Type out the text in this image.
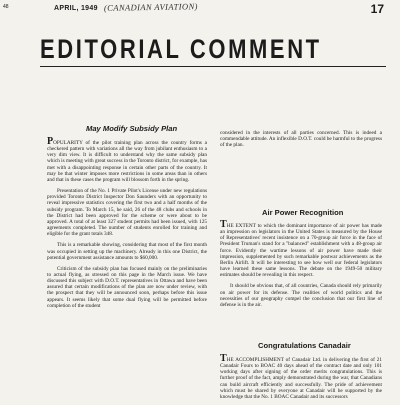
48	APRIL, 1949 (CANADIAN AVIATION)	17
EDITORIAL COMMENT
May Modify Subsidy Plan

POPULARITY of the pilot training plan across the country forms a checkered pattern with variations all the way from jubilant enthusiasm to a very dim view. It is difficult to understand why the same subsidy plan which is meeting with great success in the Toronto district, for example, has met with a disappointing response in certain other parts of the country. It may be that winter imposes more restrictions in some areas than in others and that in these cases the program will blossom forth in the spring.

Presentation of the No. 1 Private Pilot's License under new regulations provided Toronto District Inspector Don Saunders with an opportunity to reveal impressive statistics covering the first two and a half months of the subsidy program. To March 15, he said, 26 of the 48 clubs and schools in the District had been approved for the scheme or were about to be approved. A total of at least 327 student permits had been issued, with 125 agreements completed. The number of students enrolled for training and eligible for the grant totals 348.

This is a remarkable showing, considering that most of the first month was occupied in setting up the machinery. Already in this one District, the potential government assistance amounts to $60,000.

Criticism of the subsidy plan has focused mainly on the preliminaries to actual flying, as stressed on this page in the March issue. We have discussed this subject with D.O.T. representatives in Ottawa and have been assured that certain modifications of the plan are now under review, with the prospect that they will be announced soon, perhaps before this issue appears. It seems likely that some dual flying will be permitted before completion of the student

considered in the interests of all parties concerned. This is indeed a commendable attitude. An inflexible D.O.T. could be harmful to the progress of the plan.

Air Power Recognition

THE EXTENT to which the dominant importance of air power has made an impression on legislators in the United States is measured by the House of Representatives' recent insistence on a 70-group air force in the face of President Truman's stand for a "balanced" establishment with a 48-group air force. Evidently the wartime lessons of air power have made their impression, supplemented by such remarkable postwar achievements as the Berlin Airlift. It will be interesting to see how well our federal legislators have learned these same lessons. The debate on the 1949-50 military estimates should be revealing in this respect.

It should be obvious that, of all countries, Canada should rely primarily on air power for its defense. The realities of world politics and the necessities of our geography compel the conclusion that our first line of defense is in the air.

Congratulations Canadair

THE ACCOMPLISHMENT of Canadair Ltd. in delivering the first of 21 Canadair Fours to BOAC 40 days ahead of the contract date and only 101 working days after signing of the order merits congratulations. This is further proof of the fact, amply demonstrated during the war, that Canadians can build aircraft efficiently and successfully. The pride of achievement which must be shared by everyone at Canadair will be supported by the knowledge that the No. 1 BOAC Canadair and its successors
